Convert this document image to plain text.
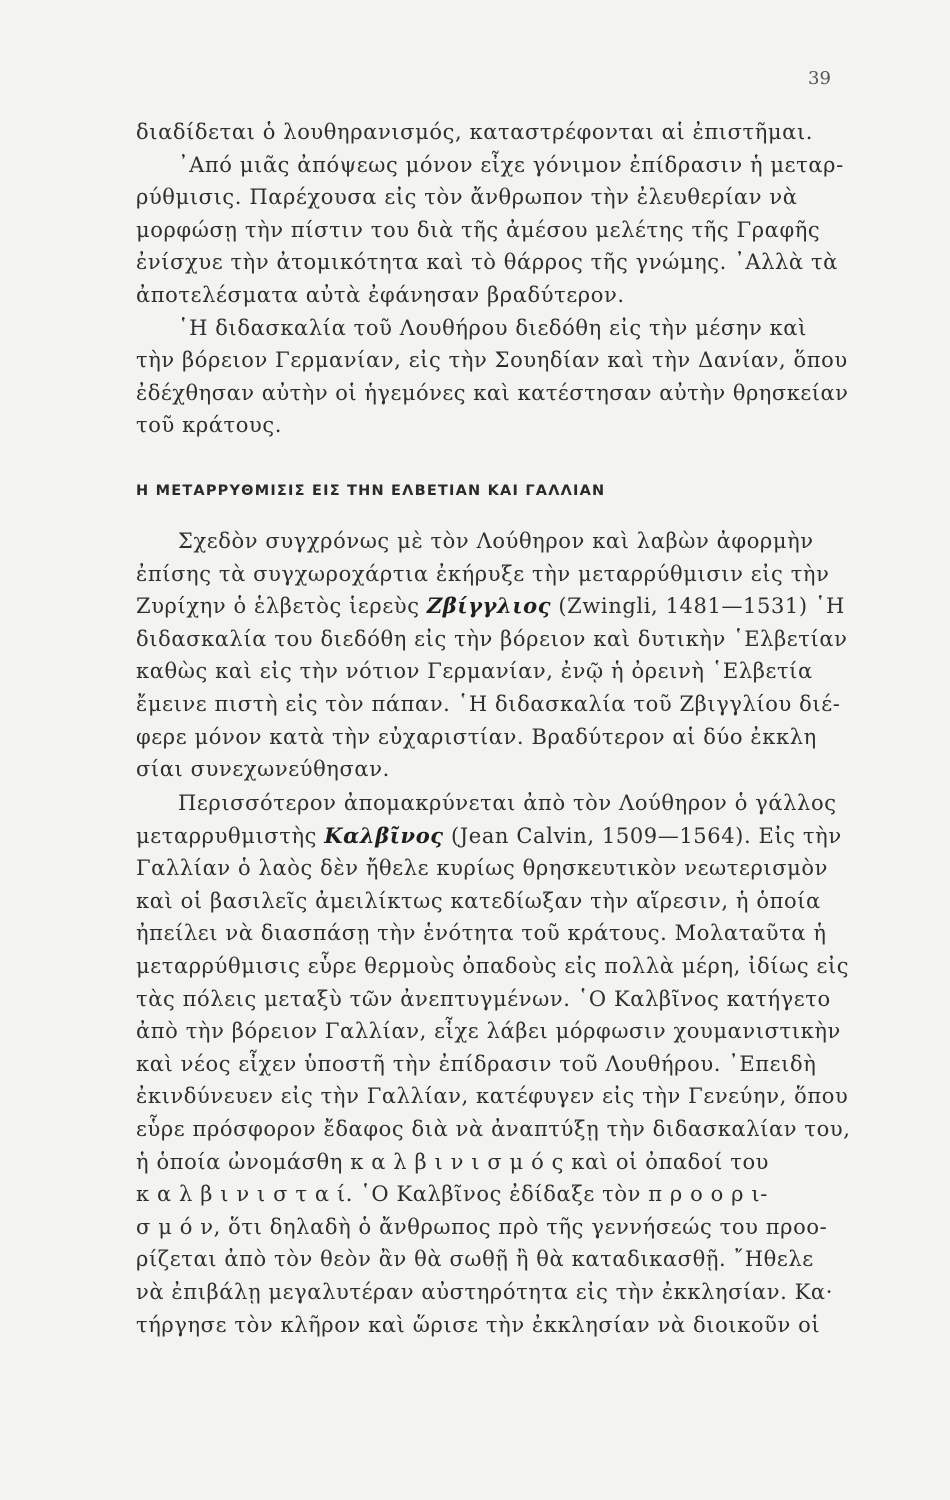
39
διαδίδεται ὁ λουθηρανισμός, καταστρέφονται αἱ ἐπιστῆμαι.
᾿Από μιᾶς ἀπόψεως μόνον εἶχε γόνιμον ἐπίδρασιν ἡ μεταρ-
ρύθμισις. Παρέχουσα εἰς τὸν ἄνθρωπον τὴν ἐλευθερίαν νὰ
μορφώσῃ τὴν πίστιν του διὰ τῆς ἀμέσου μελέτης τῆς Γραφῆς
ἐνίσχυε τὴν ἀτομικότητα καὶ τὸ θάρρος τῆς γνώμης. ᾿Αλλὰ τὰ
ἀποτελέσματα αὐτὰ ἐφάνησαν βραδύτερον.
῾Η διδασκαλία τοῦ Λουθήρου διεδόθη εἰς τὴν μέσην καὶ
τὴν βόρειον Γερμανίαν, εἰς τὴν Σουηδίαν καὶ τὴν Δανίαν, ὅπου
ἐδέχθησαν αὐτὴν οἱ ἡγεμόνες καὶ κατέστησαν αὐτὴν θρησκείαν
τοῦ κράτους.
Η ΜΕΤΑΡΡΥΘΜΙΣΙΣ ΕΙΣ ΤΗΝ ΕΛΒΕΤΙΑΝ ΚΑΙ ΓΑΛΛΙΑΝ
Σχεδὸν συγχρόνως μὲ τὸν Λούθηρον καὶ λαβὼν ἀφορμὴν
ἐπίσης τὰ συγχωροχάρτια ἐκήρυξε τὴν μεταρρύθμισιν εἰς τὴν
Ζυρίχην ὁ ἑλβετὸς ἱερεὺς Ζβίγγλιος (Zwingli, 1481—1531) ῾Η
διδασκαλία του διεδόθη εἰς τὴν βόρειον καὶ δυτικὴν ῾Ελβετίαν
καθὼς καὶ εἰς τὴν νότιον Γερμανίαν, ἐνῷ ἡ ὀρεινὴ ῾Ελβετία
ἔμεινε πιστὴ εἰς τὸν πάπαν. ῾Η διδασκαλία τοῦ Ζβιγγλίου διέ-
φερε μόνον κατὰ τὴν εὐχαριστίαν. Βραδύτερον αἱ δύο ἐκκλη
σίαι συνεχωνεύθησαν.
Περισσότερον ἀπομακρύνεται ἀπὸ τὸν Λούθηρον ὁ γάλλος
μεταρρυθμιστὴς Καλβῖνος (Jean Calvin, 1509—1564). Εἰς τὴν
Γαλλίαν ὁ λαὸς δὲν ἤθελε κυρίως θρησκευτικὸν νεωτερισμὸν
καὶ οἱ βασιλεῖς ἀμειλίκτως κατεδίωξαν τὴν αἵρεσιν, ἡ ὁποία
ἠπείλει νὰ διασπάσῃ τὴν ἑνότητα τοῦ κράτους. Μολαταῦτα ἡ
μεταρρύθμισις εὗρε θερμοὺς ὀπαδοὺς εἰς πολλὰ μέρη, ἰδίως εἰς
τὰς πόλεις μεταξὺ τῶν ἀνεπτυγμένων. ῾Ο Καλβῖνος κατήγετο
ἀπὸ τὴν βόρειον Γαλλίαν, εἶχε λάβει μόρφωσιν χουμανιστικὴν
καὶ νέος εἶχεν ὑποστῆ τὴν ἐπίδρασιν τοῦ Λουθήρου. ᾿Επειδὴ
ἐκινδύνευεν εἰς τὴν Γαλλίαν, κατέφυγεν εἰς τὴν Γενεύην, ὅπου
εὗρε πρόσφορον ἔδαφος διὰ νὰ ἀναπτύξῃ τὴν διδασκαλίαν του,
ἡ ὁποία ὠνομάσθη κ α λ β ι ν ι σ μ ό ς καὶ οἱ ὀπαδοί του
κ α λ β ι ν ι σ τ α ί. ῾Ο Καλβῖνος ἐδίδαξε τὸν π ρ ο ο ρ ι-
σ μ ό ν, ὅτι δηλαδὴ ὁ ἄνθρωπος πρὸ τῆς γεννήσεώς του προο-
ρίζεται ἀπὸ τὸν θεὸν ἂν θὰ σωθῇ ἢ θὰ καταδικασθῇ. ῎Ηθελε
νὰ ἐπιβάλῃ μεγαλυτέραν αὐστηρότητα εἰς τὴν ἐκκλησίαν. Κα·
τήργησε τὸν κλῆρον καὶ ὥρισε τὴν ἐκκλησίαν νὰ διοικοῦν οἱ
